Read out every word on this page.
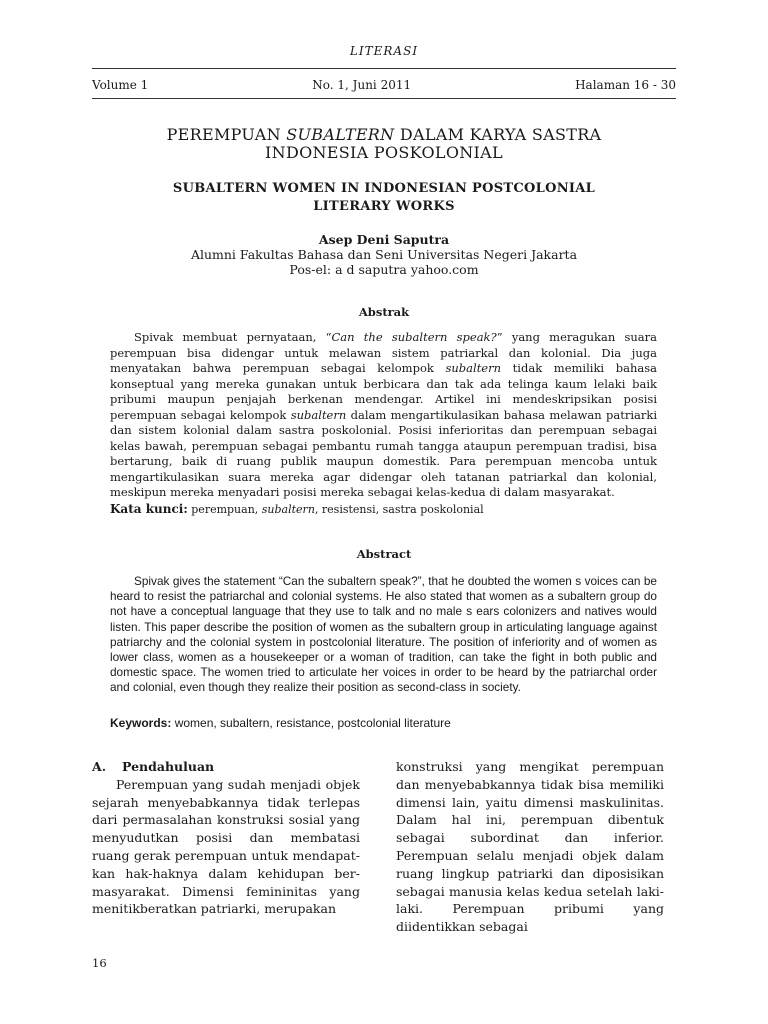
LITERASI
Volume 1	No. 1, Juni 2011	Halaman 16 - 30
PEREMPUAN SUBALTERN DALAM KARYA SASTRA
INDONESIA POSKOLONIAL
SUBALTERN WOMEN IN INDONESIAN POSTCOLONIAL
LITERARY WORKS
Asep Deni Saputra
Alumni Fakultas Bahasa dan Seni Universitas Negeri Jakarta
Pos-el: a d saputra yahoo.com
Abstrak
Spivak membuat pernyataan, “Can the subaltern speak?” yang meragukan suara perempuan bisa didengar untuk melawan sistem patriarkal dan kolonial. Dia juga menyatakan bahwa perempuan sebagai kelompok subaltern tidak memiliki bahasa konseptual yang mereka gunakan untuk berbicara dan tak ada telinga kaum lelaki baik pribumi maupun penjajah berkenan mendengar. Artikel ini mendeskripsikan posisi perempuan sebagai kelompok subaltern dalam mengartikulasikan bahasa melawan patriarki dan sistem kolonial dalam sastra poskolonial. Posisi inferioritas dan perempuan sebagai kelas bawah, perempuan sebagai pembantu rumah tangga ataupun perempuan tradisi, bisa bertarung, baik di ruang publik maupun domestik. Para perempuan mencoba untuk mengartikulasikan suara mereka agar didengar oleh tatanan patriarkal dan kolonial, meskipun mereka menyadari posisi mereka sebagai kelas-kedua di dalam masyarakat.
Kata kunci: perempuan, subaltern, resistensi, sastra poskolonial
Abstract
Spivak gives the statement “Can the subaltern speak?”, that he doubted the women s voices can be heard to resist the patriarchal and colonial systems. He also stated that women as a subaltern group do not have a conceptual language that they use to talk and no male s ears colonizers and natives would listen. This paper describe the position of women as the subaltern group in articulating language against patriarchy and the colonial system in postcolonial literature. The position of inferiority and of women as lower class, women as a housekeeper or a woman of tradition, can take the fight in both public and domestic space. The women tried to articulate her voices in order to be heard by the patriarchal order and colonial, even though they realize their position as second-class in society.
Keywords: women, subaltern, resistance, postcolonial literature
A. Pendahuluan

Perempuan yang sudah menjadi objek sejarah menyebabkannya tidak terlepas dari permasalahan konstruksi sosial yang menyudutkan posisi dan membatasi ruang gerak perempuan untuk mendapat-kan hak-haknya dalam kehidupan ber-masyarakat. Dimensi femininitas yang menitikberatkan patriarki, merupakan

konstruksi yang mengikat perempuan dan menyebabkannya tidak bisa memiliki dimensi lain, yaitu dimensi maskulinitas. Dalam hal ini, perempuan dibentuk sebagai subordinat dan inferior. Perempuan selalu menjadi objek dalam ruang lingkup patriarki dan diposisikan sebagai manusia kelas kedua setelah laki-laki. Perempuan pribumi yang diidentikkan sebagai

16
